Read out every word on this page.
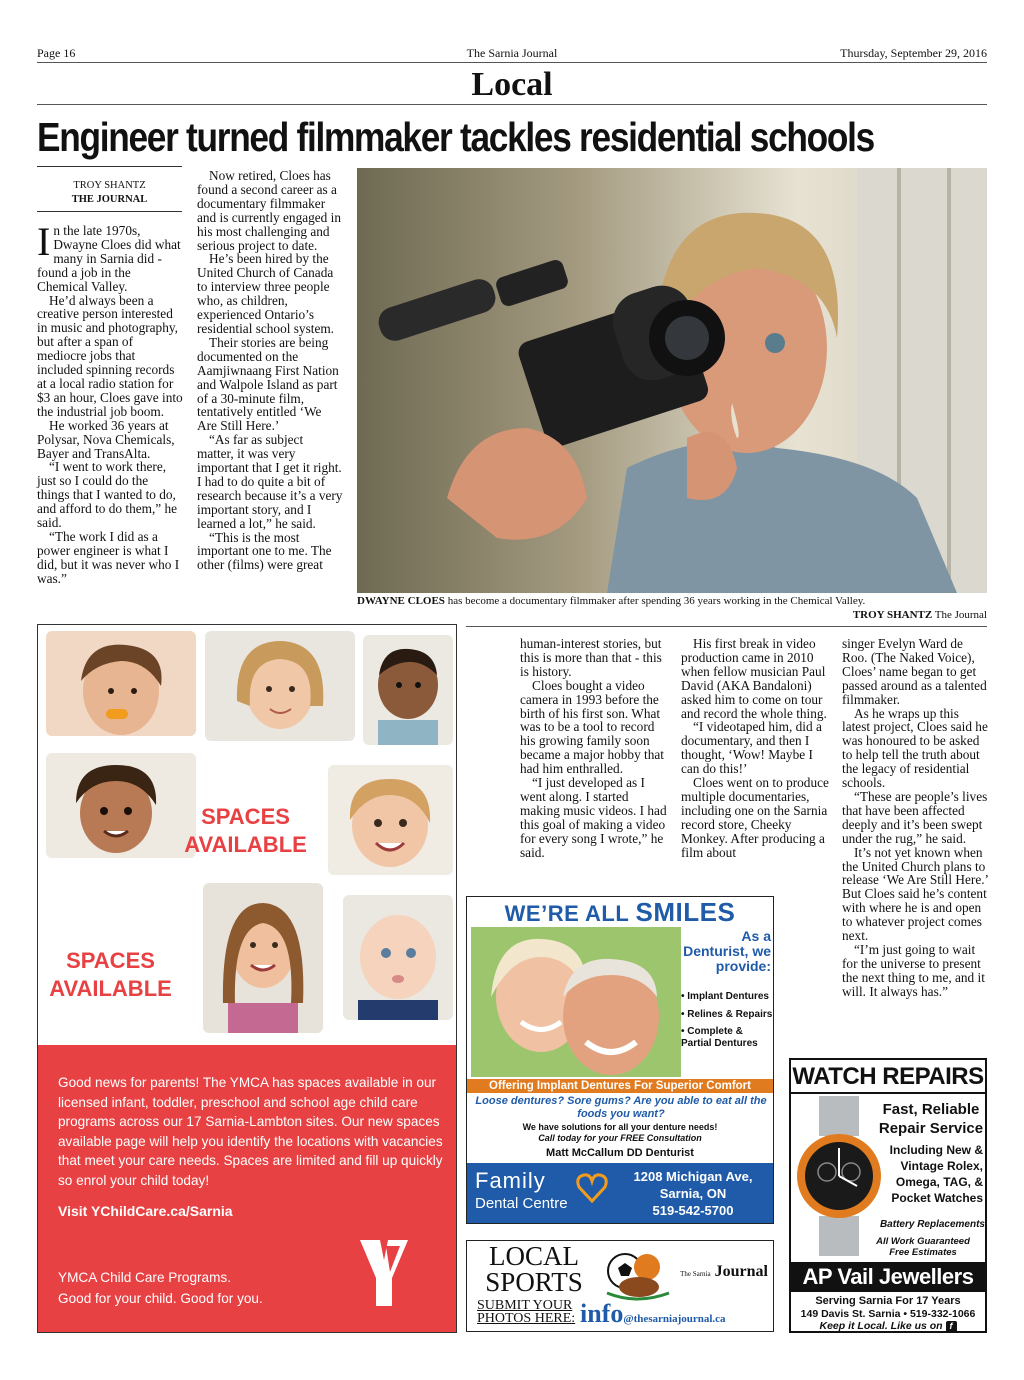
Page 16	The Sarnia Journal	Thursday, September 29, 2016
Local
Engineer turned filmmaker tackles residential schools
TROY SHANTZ
THE JOURNAL

In the late 1970s, Dwayne Cloes did what many in Sarnia did - found a job in the Chemical Valley.

He’d always been a creative person interested in music and photography, but after a span of mediocre jobs that included spinning records at a local radio station for $3 an hour, Cloes gave into the industrial job boom.

He worked 36 years at Polysar, Nova Chemicals, Bayer and TransAlta.

“I went to work there, just so I could do the things that I wanted to do, and afford to do them,” he said.

“The work I did as a power engineer is what I did, but it was never who I was.”

Now retired, Cloes has found a second career as a documentary filmmaker and is currently engaged in his most challenging and serious project to date.

He’s been hired by the United Church of Canada to interview three people who, as children, experienced Ontario’s residential school system.

Their stories are being documented on the Aamjiwnaang First Nation and Walpole Island as part of a 30-minute film, tentatively entitled ‘We Are Still Here.’

“As far as subject matter, it was very important that I get it right. I had to do quite a bit of research because it’s a very important story, and I learned a lot,” he said.

“This is the most important one to me. The other (films) were great

DWAYNE CLOES has become a documentary filmmaker after spending 36 years working in the Chemical Valley.
TROY SHANTZ The Journal

human-interest stories, but this is more than that - this is history.

Cloes bought a video camera in 1993 before the birth of his first son. What was to be a tool to record his growing family soon became a major hobby that had him enthralled.

“I just developed as I went along. I started making music videos. I had this goal of making a video for every song I wrote,” he said.

His first break in video production came in 2010 when fellow musician Paul David (AKA Bandaloni) asked him to come on tour and record the whole thing.

“I videotaped him, did a documentary, and then I thought, ‘Wow! Maybe I can do this!’

Cloes went on to produce multiple documentaries, including one on the Sarnia record store, Cheeky Monkey. After producing a film about

singer Evelyn Ward de Roo. (The Naked Voice), Cloes’ name began to get passed around as a talented filmmaker.

As he wraps up this latest project, Cloes said he was honoured to be asked to help tell the truth about the legacy of residential schools.

“These are people’s lives that have been affected deeply and it’s been swept under the rug,” he said.

It’s not yet known when the United Church plans to release ‘We Are Still Here.’ But Cloes said he’s content with where he is and open to whatever project comes next.

“I’m just going to wait for the universe to present the next thing to me, and it will. It always has.”

SPACES AVAILABLE
SPACES AVAILABLE
Good news for parents! The YMCA has spaces available in our licensed infant, toddler, preschool and school age child care programs across our 17 Sarnia-Lambton sites. Our new spaces available page will help you identify the locations with vacancies that meet your care needs. Spaces are limited and fill up quickly so enrol your child today!
Visit YChildCare.ca/Sarnia
YMCA Child Care Programs.
Good for your child. Good for you.
WE’RE ALL SMILES
As a Denturist, we provide:
• Implant Dentures
• Relines & Repairs
• Complete & Partial Dentures
Offering Implant Dentures For Superior Comfort
Loose dentures? Sore gums? Are you able to eat all the foods you want?
We have solutions for all your denture needs!
Call today for your FREE Consultation
Matt McCallum DD Denturist
Family
Dental Centre
1208 Michigan Ave,
Sarnia, ON
519-542-5700
LOCAL
SPORTS
SUBMIT YOUR PHOTOS HERE:
The Sarnia Journal
info@thesarniajournal.ca
WATCH REPAIRS
Fast, Reliable Repair Service
Including New & Vintage Rolex, Omega, TAG, & Pocket Watches
Battery Replacements
All Work Guaranteed
Free Estimates
AP Vail Jewellers
Serving Sarnia For 17 Years
149 Davis St. Sarnia • 519-332-1066
Keep it Local. Like us on f
